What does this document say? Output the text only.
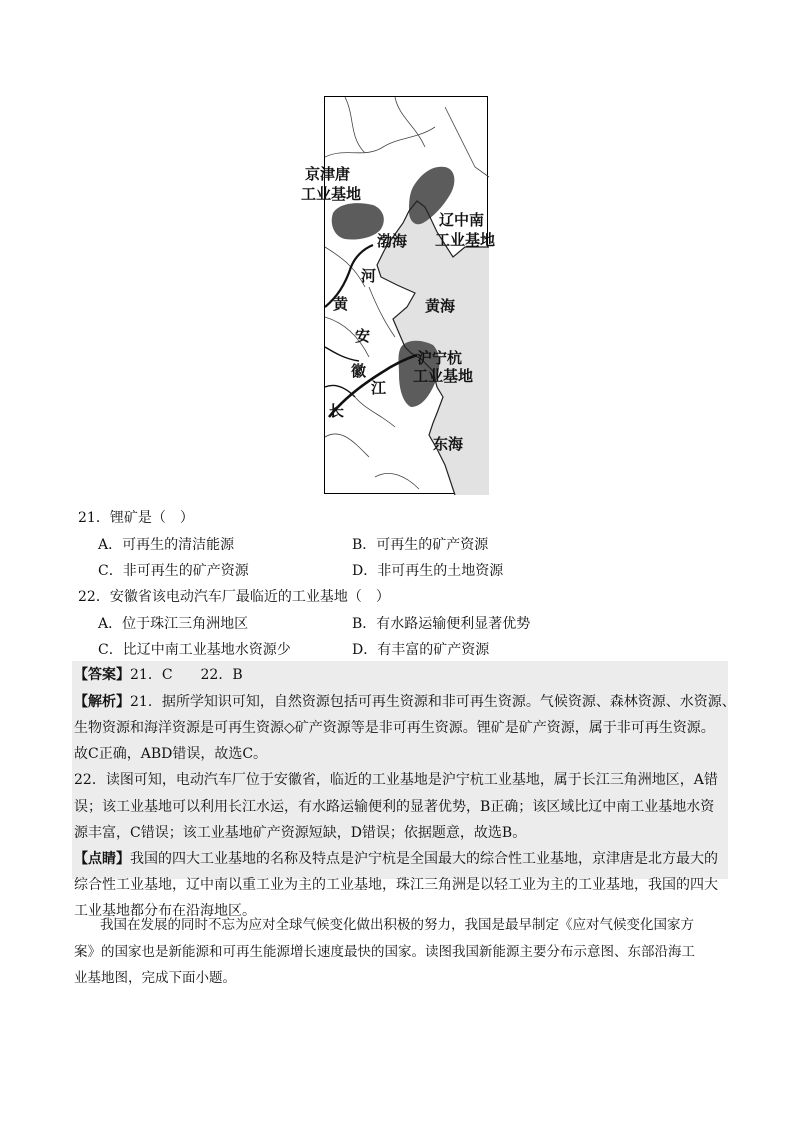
京津唐
工业基地
辽中南
工业基地
渤海
河
黄海
黄
安
沪宁杭
工业基地
徽
江
长
东海
21．锂矿是（　）
A．可再生的清洁能源	B．可再生的矿产资源
C．非可再生的矿产资源	D．非可再生的土地资源
22．安徽省该电动汽车厂最临近的工业基地（　）
A．位于珠江三角洲地区	B．有水路运输便利显著优势
C．比辽中南工业基地水资源少	D．有丰富的矿产资源
【答案】21．C　　22．B
【解析】21．据所学知识可知，自然资源包括可再生资源和非可再生资源。气候资源、森林资源、水资源、
生物资源和海洋资源是可再生资源◇矿产资源等是非可再生资源。锂矿是矿产资源，属于非可再生资源。
故C正确，ABD错误，故选C。
22．读图可知，电动汽车厂位于安徽省，临近的工业基地是沪宁杭工业基地，属于长江三角洲地区，A错
误；该工业基地可以利用长江水运，有水路运输便利的显著优势，B正确；该区域比辽中南工业基地水资
源丰富，C错误；该工业基地矿产资源短缺，D错误；依据题意，故选B。
【点睛】我国的四大工业基地的名称及特点是沪宁杭是全国最大的综合性工业基地，京津唐是北方最大的
综合性工业基地，辽中南以重工业为主的工业基地，珠江三角洲是以轻工业为主的工业基地，我国的四大
工业基地都分布在沿海地区。
我国在发展的同时不忘为应对全球气候变化做出积极的努力，我国是最早制定《应对气候变化国家方
案》的国家也是新能源和可再生能源增长速度最快的国家。读图我国新能源主要分布示意图、东部沿海工
业基地图，完成下面小题。
